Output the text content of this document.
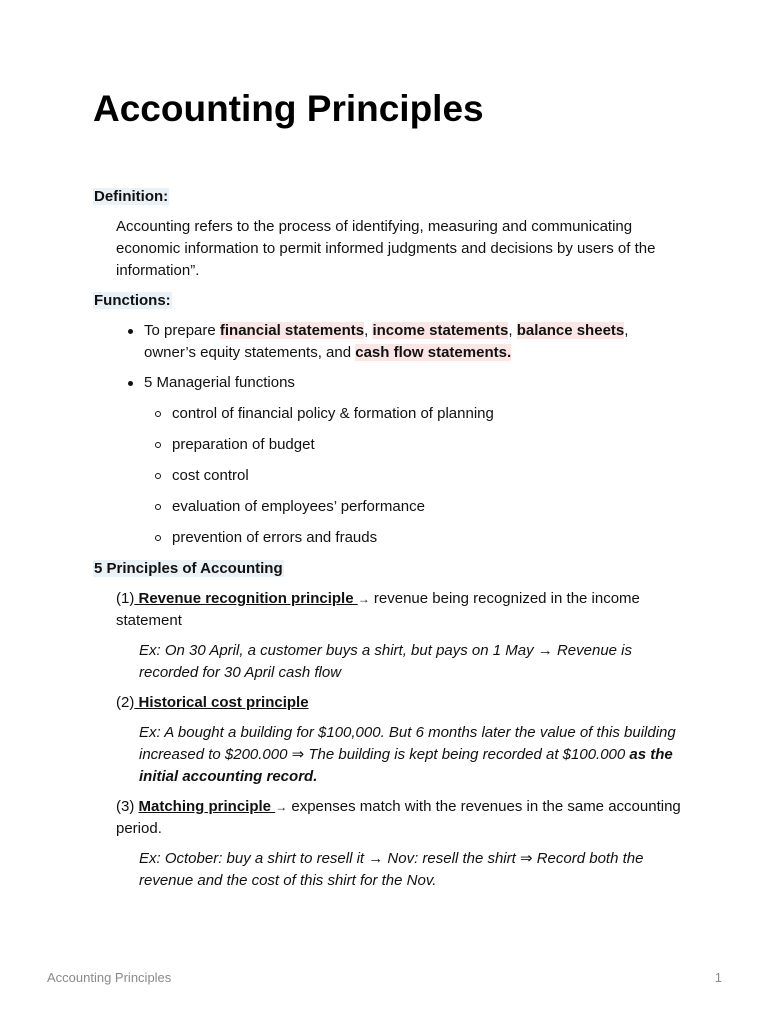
Accounting Principles
Definition:

Accounting refers to the process of identifying, measuring and communicating economic information to permit informed judgments and decisions by users of the information”.

Functions:
To prepare financial statements, income statements, balance sheets, owner’s equity statements, and cash flow statements.
5 Managerial functions
control of financial policy & formation of planning
preparation of budget
cost control
evaluation of employees’ performance
prevention of errors and frauds
5 Principles of Accounting

(1) Revenue recognition principle → revenue being recognized in the income statement

Ex: On 30 April, a customer buys a shirt, but pays on 1 May → Revenue is recorded for 30 April cash flow

(2) Historical cost principle

Ex: A bought a building for $100,000. But 6 months later the value of this building increased to $200.000 ⇒ The building is kept being recorded at $100.000 as the initial accounting record.

(3) Matching principle → expenses match with the revenues in the same accounting period.

Ex: October: buy a shirt to resell it → Nov: resell the shirt ⇒ Record both the revenue and the cost of this shirt for the Nov.

Accounting Principles	1
